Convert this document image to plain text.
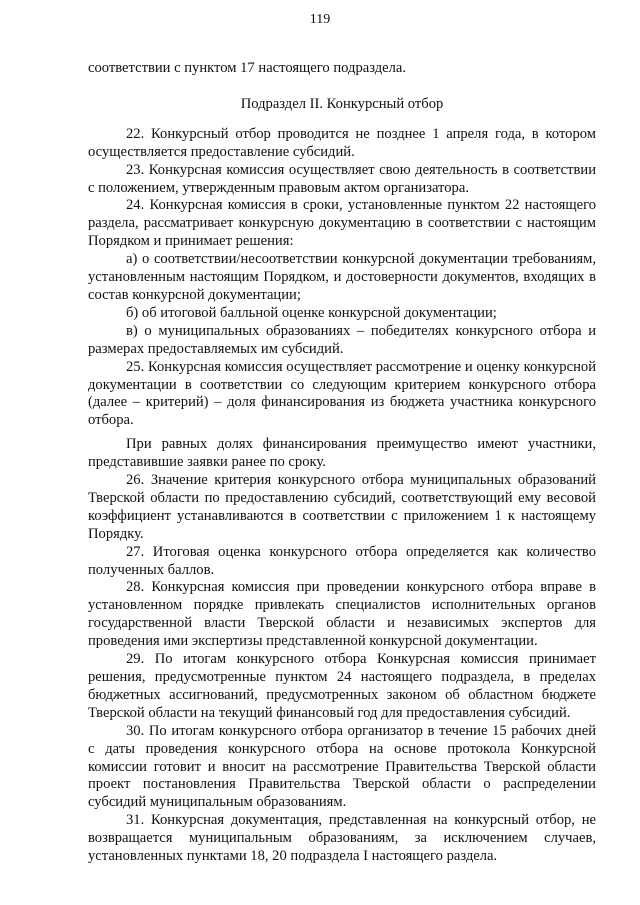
119

соответствии с пунктом 17 настоящего подраздела.

Подраздел II. Конкурсный отбор

22. Конкурсный отбор проводится не позднее 1 апреля года, в котором осуществляется предоставление субсидий.

23. Конкурсная комиссия осуществляет свою деятельность в соответствии с положением, утвержденным правовым актом организатора.

24. Конкурсная комиссия в сроки, установленные пунктом 22 настоящего раздела, рассматривает конкурсную документацию в соответствии с настоящим Порядком и принимает решения:

а) о соответствии/несоответствии конкурсной документации требованиям, установленным настоящим Порядком, и достоверности документов, входящих в состав конкурсной документации;

б) об итоговой балльной оценке конкурсной документации;

в) о муниципальных образованиях – победителях конкурсного отбора и размерах предоставляемых им субсидий.

25. Конкурсная комиссия осуществляет рассмотрение и оценку конкурсной документации в соответствии со следующим критерием конкурсного отбора (далее – критерий) – доля финансирования из бюджета участника конкурсного отбора.

При равных долях финансирования преимущество имеют участники, представившие заявки ранее по сроку.

26. Значение критерия конкурсного отбора муниципальных образований Тверской области по предоставлению субсидий, соответствующий ему весовой коэффициент устанавливаются в соответствии с приложением 1 к настоящему Порядку.

27. Итоговая оценка конкурсного отбора определяется как количество полученных баллов.

28. Конкурсная комиссия при проведении конкурсного отбора вправе в установленном порядке привлекать специалистов исполнительных органов государственной власти Тверской области и независимых экспертов для проведения ими экспертизы представленной конкурсной документации.

29. По итогам конкурсного отбора Конкурсная комиссия принимает решения, предусмотренные пунктом 24 настоящего подраздела, в пределах бюджетных ассигнований, предусмотренных законом об областном бюджете Тверской области на текущий финансовый год для предоставления субсидий.

30. По итогам конкурсного отбора организатор в течение 15 рабочих дней с даты проведения конкурсного отбора на основе протокола Конкурсной комиссии готовит и вносит на рассмотрение Правительства Тверской области проект постановления Правительства Тверской области о распределении субсидий муниципальным образованиям.

31. Конкурсная документация, представленная на конкурсный отбор, не возвращается муниципальным образованиям, за исключением случаев, установленных пунктами 18, 20 подраздела I настоящего раздела.
